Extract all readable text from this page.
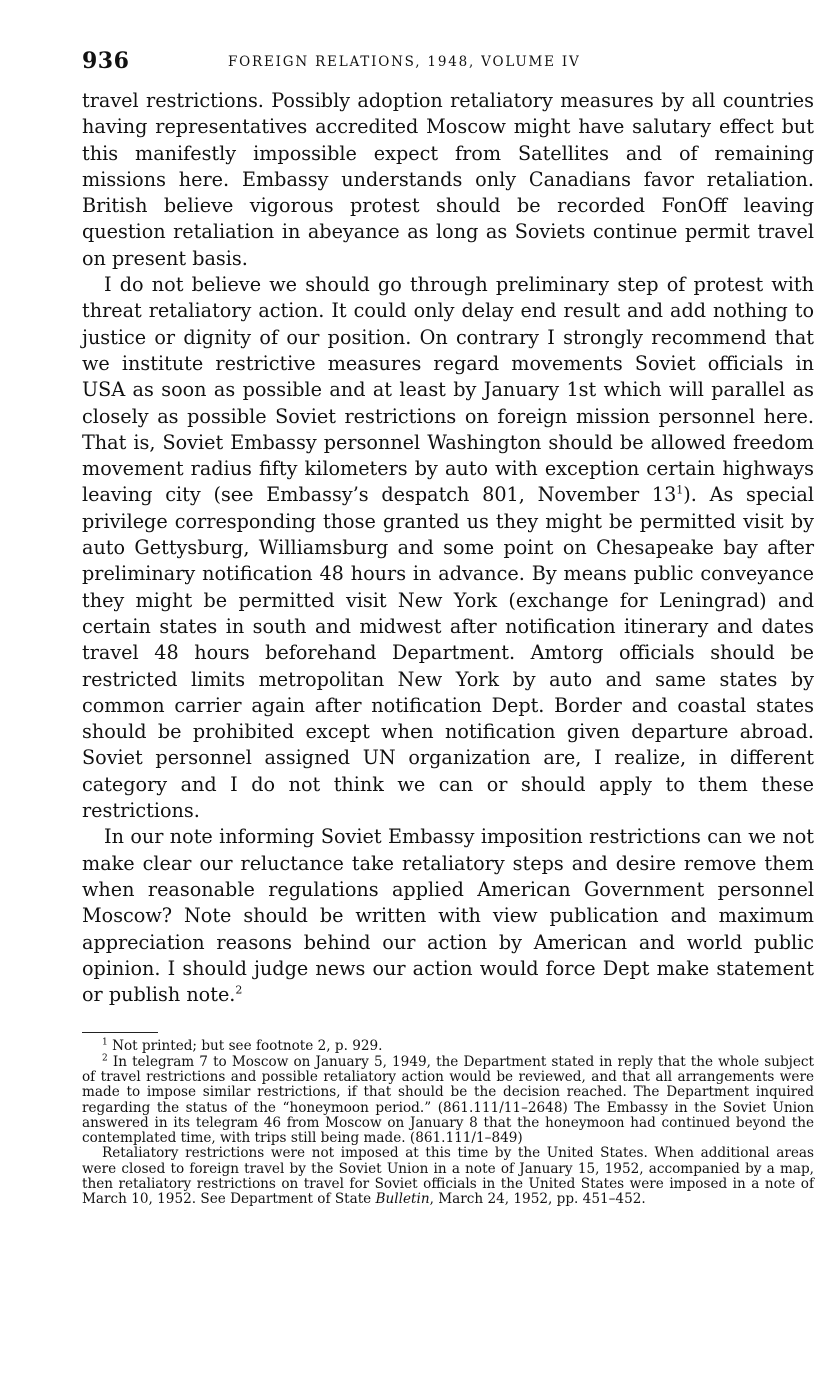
936	FOREIGN RELATIONS, 1948, VOLUME IV

travel restrictions. Possibly adoption retaliatory measures by all countries having representatives accredited Moscow might have salutary effect but this manifestly impossible expect from Satellites and of remaining missions here. Embassy understands only Canadians favor retaliation. British believe vigorous protest should be recorded FonOff leaving question retaliation in abeyance as long as Soviets continue permit travel on present basis.

I do not believe we should go through preliminary step of protest with threat retaliatory action. It could only delay end result and add nothing to justice or dignity of our position. On contrary I strongly recommend that we institute restrictive measures regard movements Soviet officials in USA as soon as possible and at least by January 1st which will parallel as closely as possible Soviet restrictions on foreign mission personnel here. That is, Soviet Embassy personnel Washington should be allowed freedom movement radius fifty kilometers by auto with exception certain highways leaving city (see Embassy’s despatch 801, November 13$^1$). As special privilege corresponding those granted us they might be permitted visit by auto Gettysburg, Williamsburg and some point on Chesapeake bay after preliminary notification 48 hours in advance. By means public conveyance they might be permitted visit New York (exchange for Leningrad) and certain states in south and midwest after notification itinerary and dates travel 48 hours beforehand Department. Amtorg officials should be restricted limits metropolitan New York by auto and same states by common carrier again after notification Dept. Border and coastal states should be prohibited except when notification given departure abroad. Soviet personnel assigned UN organization are, I realize, in different category and I do not think we can or should apply to them these restrictions.

In our note informing Soviet Embassy imposition restrictions can we not make clear our reluctance take retaliatory steps and desire remove them when reasonable regulations applied American Government personnel Moscow? Note should be written with view publication and maximum appreciation reasons behind our action by American and world public opinion. I should judge news our action would force Dept make statement or publish note.$^2$

$^1$ Not printed; but see footnote 2, p. 929.

$^2$ In telegram 7 to Moscow on January 5, 1949, the Department stated in reply that the whole subject of travel restrictions and possible retaliatory action would be reviewed, and that all arrangements were made to impose similar restrictions, if that should be the decision reached. The Department inquired regarding the status of the “honeymoon period.” (861.111/11–2648) The Embassy in the Soviet Union answered in its telegram 46 from Moscow on January 8 that the honeymoon had continued beyond the contemplated time, with trips still being made. (861.111/1–849)

Retaliatory restrictions were not imposed at this time by the United States. When additional areas were closed to foreign travel by the Soviet Union in a note of January 15, 1952, accompanied by a map, then retaliatory restrictions on travel for Soviet officials in the United States were imposed in a note of March 10, 1952. See Department of State Bulletin, March 24, 1952, pp. 451–452.
